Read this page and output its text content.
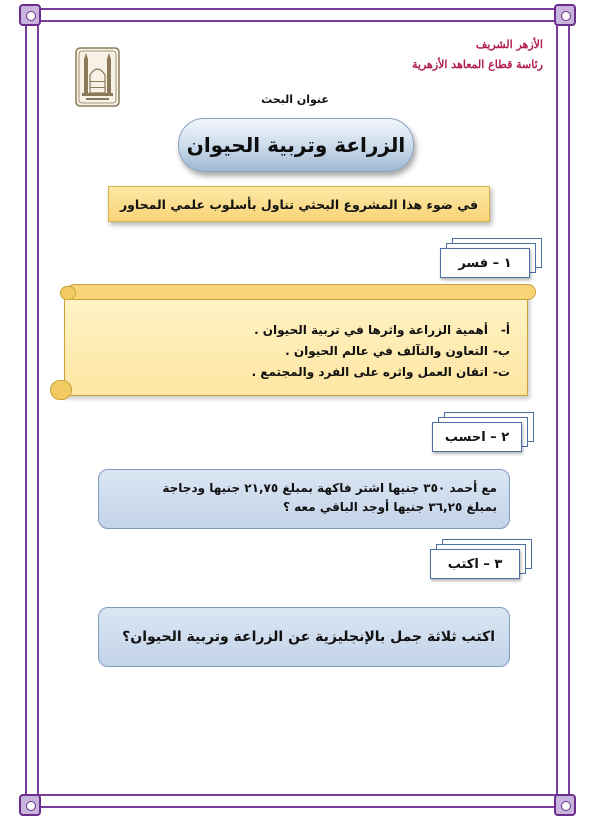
الأزهر الشريف
رئاسة قطاع المعاهد الأزهرية
عنوان البحث
الزراعة وتربية الحيوان
في ضوء هذا المشروع البحثي تناول بأسلوب علمي المحاور
١ – فسر
أ-
أهمية الزراعة واثرها في تربية الحيوان .
ب-
التعاون والتآلف في عالم الحيوان .
ت-
اتقان العمل واثره على الفرد والمجتمع .
٢ – احسب
مع أحمد ٣٥٠ جنيها اشتر فاكهة بمبلغ ٢١,٧٥ جنيها ودجاجة
بمبلغ ٣٦,٢٥ جنيها أوجد الباقي معه ؟
٣ – اكتب
اكتب ثلاثة جمل بالإنجليزية عن الزراعة وتربية الحيوان؟
